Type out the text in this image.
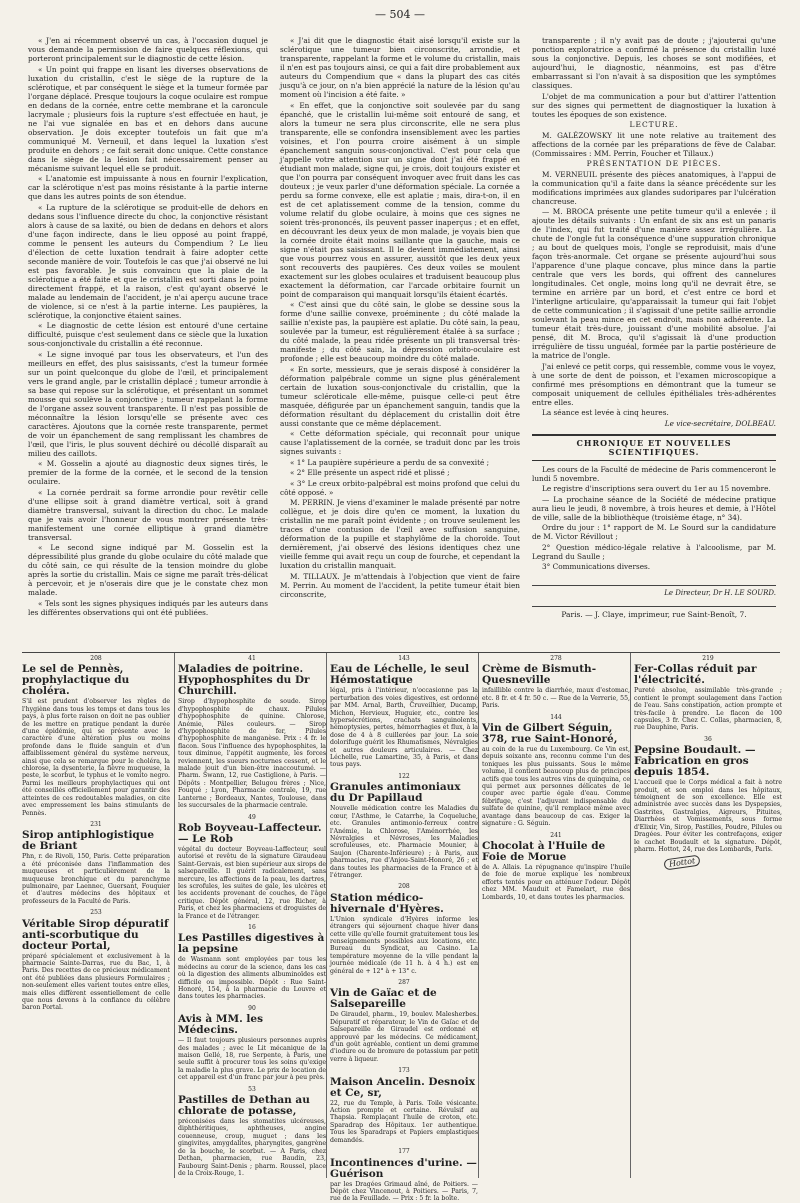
— 504 —

« J'en ai récemment observé un cas, à l'occasion duquel je vous demande la permission de faire quelques réflexions, qui porteront principalement sur le diagnostic de cette lésion.

« Un point qui frappe en lisant les diverses observations de luxation du cristallin, c'est le siège de la rupture de la sclérotique, et par conséquent le siège et la tumeur formée par l'organe déplacé. Presque toujours la coque oculaire est rompue en dedans de la cornée, entre cette membrane et la caroncule lacrymale ; plusieurs fois la rupture s'est effectuée en haut, je ne l'ai vue signalée en bas et en dehors dans aucune observation. Je dois excepter toutefois un fait que m'a communiqué M. Verneuil, et dans lequel la luxation s'est produite en dehors ; ce fait serait donc unique. Cette constance dans le siège de la lésion fait nécessairement penser au mécanisme suivant lequel elle se produit.

« L'anatomie est impuissante à nous en fournir l'explication, car la sclérotique n'est pas moins résistante à la partie interne que dans les autres points de son étendue.

« La rupture de la sclérotique se produit-elle de dehors en dedans sous l'influence directe du choc, la conjonctive résistant alors à cause de sa laxité, ou bien de dedans en dehors et alors d'une façon indirecte, dans le lieu opposé au point frappé, comme le pensent les auteurs du Compendium ? Le lieu d'élection de cette luxation tendrait à faire adopter cette seconde manière de voir. Toutefois le cas que j'ai observé ne lui est pas favorable. Je suis convaincu que la plaie de la sclérotique a été faite et que le cristallin est sorti dans le point directement frappé, et la raison, c'est qu'ayant observé le malade au lendemain de l'accident, je n'ai aperçu aucune trace de violence, si ce n'est à la partie interne. Les paupières, la sclérotique, la conjonctive étaient saines.

« Le diagnostic de cette lésion est entouré d'une certaine difficulté, puisque c'est seulement dans ce siècle que la luxation sous-conjonctivale du cristallin a été reconnue.

« Le signe invoqué par tous les observateurs, et l'un des meilleurs en effet, des plus saisissants, c'est la tumeur formée sur un point quelconque du globe de l'œil, et principalement vers le grand angle, par le cristallin déplacé ; tumeur arrondie à sa base qui repose sur la sclérotique, et présentant un sommet mousse qui soulève la conjonctive ; tumeur rappelant la forme de l'organe assez souvent transparente. Il n'est pas possible de méconnaître la lésion lorsqu'elle se présente avec ces caractères. Ajoutons que la cornée reste transparente, permet de voir un épanchement de sang remplissant les chambres de l'œil, que l'iris, le plus souvent déchiré ou décollé disparaît au milieu des caillots.

« M. Gosselin a ajouté au diagnostic deux signes tirés, le premier de la forme de la cornée, et le second de la tension oculaire.

« La cornée perdrait sa forme arrondie pour revêtir celle d'une ellipse soit à grand diamètre vertical, soit à grand diamètre transversal, suivant la direction du choc. Le malade que je vais avoir l'honneur de vous montrer présente très-manifestement une cornée elliptique à grand diamètre transversal.

« Le second signe indiqué par M. Gosselin est la dépressibilité plus grande du globe oculaire du côté malade que du côté sain, ce qui résulte de la tension moindre du globe après la sortie du cristallin. Mais ce signe me paraît très-délicat à percevoir, et je n'oserais dire que je le constate chez mon malade.

« Tels sont les signes physiques indiqués par les auteurs dans les différentes observations qui ont été publiées.

« J'ai dit que le diagnostic était aisé lorsqu'il existe sur la sclérotique une tumeur bien circonscrite, arrondie, et transparente, rappelant la forme et le volume du cristallin, mais il n'en est pas toujours ainsi, ce qui a fait dire probablement aux auteurs du Compendium que « dans la plupart des cas cités jusqu'à ce jour, on n'a bien apprécié la nature de la lésion qu'au moment où l'incision a été faite. »

« En effet, que la conjonctive soit soulevée par du sang épanché, que le cristallin lui-même soit entouré de sang, et alors la tumeur ne sera plus circonscrite, elle ne sera plus transparente, elle se confondra insensiblement avec les parties voisines, et l'on pourra croire aisément à un simple épanchement sanguin sous-conjonctival. C'est pour cela que j'appelle votre attention sur un signe dont j'ai été frappé en étudiant mon malade, signe qui, je crois, doit toujours exister et que l'on pourra par conséquent invoquer avec fruit dans les cas douteux ; je veux parler d'une déformation spéciale. La cornée a perdu sa forme convexe, elle est aplatie ; mais, dira-t-on, il en est de cet aplatissement comme de la tension, comme du volume relatif du globe oculaire, à moins que ces signes ne soient très-prononcés, ils peuvent passer inaperçus ; et en effet, en découvrant les deux yeux de mon malade, je voyais bien que la cornée droite était moins saillante que la gauche, mais ce signe n'était pas saisissant. Il le devient immédiatement, ainsi que vous pourrez vous en assurer, aussitôt que les deux yeux sont recouverts des paupières. Ces deux voiles se moulent exactement sur les globes oculaires et traduisent beaucoup plus exactement la déformation, car l'arcade orbitaire fournit un point de comparaison qui manquait lorsqu'ils étaient écartés.

« C'est ainsi que du côté sain, le globe se dessine sous la forme d'une saillie convexe, proéminente ; du côté malade la saillie n'existe pas, la paupière est aplatie. Du côté sain, la peau, soulevée par la tumeur, est régulièrement étalée à sa surface ; du côté malade, la peau ridée présente un pli transversal très-manifeste ; du côté sain, la dépression orbito-oculaire est profonde ; elle est beaucoup moindre du côté malade.

« En sorte, messieurs, que je serais disposé à considérer la déformation palpébrale comme un signe plus généralement certain de luxation sous-conjonctivale du cristallin, que la tumeur scléroticale elle-même, puisque celle-ci peut être masquée, défigurée par un épanchement sanguin, tandis que la déformation résultant du déplacement du cristallin doit être aussi constante que ce même déplacement.

« Cette déformation spéciale, qui reconnaît pour unique cause l'aplatissement de la cornée, se traduit donc par les trois signes suivants :

« 1° La paupière supérieure a perdu de sa convexité ;

« 2° Elle présente un aspect ridé et plissé ;

« 3° Le creux orbito-palpébral est moins profond que celui du côté opposé. »

M. PERRIN. Je viens d'examiner le malade présenté par notre collègue, et je dois dire qu'en ce moment, la luxation du cristallin ne me paraît point évidente ; on trouve seulement les traces d'une contusion de l'œil avec suffusion sanguine, déformation de la pupille et staphylôme de la choroïde. Tout dernièrement, j'ai observé des lésions identiques chez une vieille femme qui avait reçu un coup de fourche, et cependant la luxation du cristallin manquait.

M. TILLAUX. Je m'attendais à l'objection que vient de faire M. Perrin. Au moment de l'accident, la petite tumeur était bien circonscrite,

transparente ; il n'y avait pas de doute ; j'ajouterai qu'une ponction exploratrice a confirmé la présence du cristallin luxé sous la conjonctive. Depuis, les choses se sont modifiées, et aujourd'hui, le diagnostic, néanmoins, est pas d'être embarrassant si l'on n'avait à sa disposition que les symptômes classiques.

L'objet de ma communication a pour but d'attirer l'attention sur des signes qui permettent de diagnostiquer la luxation à toutes les époques de son existence.

LECTURE.

M. GALÉZOWSKY lit une note relative au traitement des affections de la cornée par les préparations de fève de Calabar. (Commissaires : MM. Perrin, Foucher et Tillaux.)

PRÉSENTATION DE PIÈCES.

M. VERNEUIL présente des pièces anatomiques, à l'appui de la communication qu'il a faite dans la séance précédente sur les modifications imprimées aux glandes sudoripares par l'ulcération chancreuse.

— M. BROCA présente une petite tumeur qu'il a enlevée ; il ajoute les détails suivants : Un enfant de six ans est un panaris de l'index, qui fut traité d'une manière assez irrégulière. La chute de l'ongle fut la conséquence d'une suppuration chronique ; au bout de quelques mois, l'ongle se reproduisit, mais d'une façon très-anormale. Cet organe se présente aujourd'hui sous l'apparence d'une plaque concave, plus mince dans la partie centrale que vers les bords, qui offrent des cannelures longitudinales. Cet ongle, moins long qu'il ne devrait être, se termine en arrière par un bord, et c'est entre ce bord et l'interligne articulaire, qu'apparaissait la tumeur qui fait l'objet de cette communication ; il s'agissait d'une petite saillie arrondie soulevant la peau mince en cet endroit, mais non adhérente. La tumeur était très-dure, jouissant d'une mobilité absolue. J'ai pensé, dit M. Broca, qu'il s'agissait là d'une production irrégulière de tissu unguéal, formée par la partie postérieure de la matrice de l'ongle.

J'ai enlevé ce petit corps, qui ressemble, comme vous le voyez, à une sorte de dent de poisson, et l'examen microscopique a confirmé mes présomptions en démontrant que la tumeur se composait uniquement de cellules épithéliales très-adhérentes entre elles.

La séance est levée à cinq heures.

Le vice-secrétaire, DOLBEAU.

CHRONIQUE ET NOUVELLES SCIENTIFIQUES.

Les cours de la Faculté de médecine de Paris commenceront le lundi 5 novembre.

Le registre d'inscriptions sera ouvert du 1er au 15 novembre.

— La prochaine séance de la Société de médecine pratique aura lieu le jeudi, 8 novembre, à trois heures et demie, à l'Hôtel de ville, salle de la bibliothèque (troisième étage, n° 34).

Ordre du jour : 1° rapport de M. Le Sourd sur la candidature de M. Victor Révillout ;

2° Question médico-légale relative à l'alcoolisme, par M. Legrand du Saulle ;

3° Communications diverses.

Le Directeur, Dr H. LE SOURD.
Paris. — J. Claye, imprimeur, rue Saint-Benoît, 7.
208
Le sel de Pennès, prophylactique du choléra.

S'il est prudent d'observer les règles de l'hygiène dans tous les temps et dans tous les pays, à plus forte raison on doit ne pas oublier de les mettre en pratique pendant la durée d'une épidémie, qui se présente avec le caractère d'une altération plus ou moins profonde dans le fluide sanguin et d'un affaiblissement général du système nerveux, ainsi que cela se remarque pour le choléra, la chlorose, la dysenterie, la fièvre muqueuse, la peste, le scorbut, le typhus et le vomito negro. Parmi les meilleurs prophylactiques qui ont été conseillés officiellement pour garantir des atteintes de ces redoutables maladies, on cite avec empressement les bains stimulants de Pennès.

231
Sirop antiphlogistique de Briant

Phn, r. de Rivoli, 150, Paris. Cette préparation a été préconisée dans l'inflammation des muqueuses et particulièrement de la muqueuse bronchique et du parenchyme pulmonaire, par Laennec, Guersant, Fouquier et d'autres médecins des hôpitaux et professeurs de la Faculté de Paris.

253
Véritable Sirop dépuratif anti-scorbutique du docteur Portal,

préparé spécialement et exclusivement à la pharmacie Sainte-Darras, rue du Bac, 1, à Paris. Des recettes de ce précieux médicament ont été publiées dans plusieurs Formulaires ; non-seulement elles varient toutes entre elles, mais elles diffèrent essentiellement de celle que nous devons à la confiance du célèbre baron Portal.

41
Maladies de poitrine. Hypophosphites du Dr Churchill.

Sirop d'hypophosphite de soude. Sirop d'hypophosphite de chaux. Pilules d'hypophosphite de quinine. Chlorose, Anémie, Pâles couleurs. — Sirop d'hypophosphite de fer, Pilules d'hypophosphite de manganèse. Prix : 4 fr. le flacon. Sous l'influence des hypophosphites, la toux diminue, l'appétit augmente, les forces reviennent, les sueurs nocturnes cessent, et le malade jouit d'un bien-être inaccoutumé. — Pharm. Swann, 12, rue Castiglione, à Paris. — Dépôts : Montpellier, Belugou frères ; Nice, Fouqué ; Lyon, Pharmacie centrale, 19, rue Lanterne ; Bordeaux, Nantes, Toulouse, dans les succursales de la pharmacie centrale.

49
Rob Boyveau-Laffecteur. — Le Rob

végétal du docteur Boyveau-Laffecteur, seul autorisé et revêtu de la signature Giraudeau Saint-Gervais, est bien supérieur aux sirops de salsepareille. Il guérit radicalement, sans mercure, les affections de la peau, les dartres, les scrofules, les suites de gale, les ulcères et les accidents provenant de couches, de l'âge critique. Dépôt général, 12, rue Richer, à Paris, et chez les pharmaciens et droguistes de la France et de l'étranger.

16
Les Pastilles digestives à la pepsine

de Wasmann sont employées par tous les médecins au cœur de la science, dans les cas où la digestion des aliments albuminoïdes est difficile ou impossible. Dépôt : Rue Saint-Honoré, 154, à la pharmacie du Louvre et dans toutes les pharmacies.

90
Avis à MM. les Médecins.

— Il faut toujours plusieurs personnes auprès des malades ; avec le Lit mécanique de la maison Gellé, 18, rue Serpente, à Paris, une seule suffit à procurer tous les soins qu'exige la maladie la plus grave. Le prix de location de cet appareil est d'un franc par jour à peu près.

53
Pastilles de Dethan au chlorate de potasse,

préconisées dans les stomatites ulcéreuses, diphthéritiques, aphtheuses, angine couenneuse, croup, muguet ; dans les gingivites, amygdalites, pharyngites, gangrène de la bouche, le scorbut. — A Paris, chez Dethan, pharmacien, rue Baudin, 23, Faubourg Saint-Denis ; pharm. Roussel, place de la Croix-Rouge, 1.

143
Eau de Léchelle, le seul Hémostatique

légal, pris à l'intérieur, n'occasionne pas la perturbation des voies digestives, est ordonné par MM. Arnal, Barth, Cruveilhier, Ducamp, Michon, Hervieux, Huguier, etc., contre les hypersécrétions, crachats sanguinolents, hémoptysies, pertes, hémorrhagies et flux, à la dose de 4 à 8 cuillerées par jour. La soie dolorifuge guérit les Rhumatismes, Névralgies et autres douleurs articulaires. — Chez Léchelle, rue Lamartine, 35, à Paris, et dans tous pays.

122
Granules antimoniaux du Dr Papillaud

Nouvelle médication contre les Maladies du cœur, l'Asthme, le Catarrhe, la Coqueluche, etc. Granules antimonio-ferreux contre l'Anémie, la Chlorose, l'Aménorrhée, les Névralgies et Névroses, les Maladies scrofuleuses, etc. Pharmacie Mounier, à Saujon (Charente-Inférieure) ; à Paris, aux pharmacies, rue d'Anjou-Saint-Honoré, 26 ; et dans toutes les pharmacies de la France et à l'étranger.

208
Station médico-hivernale d'Hyères.

L'Union syndicale d'Hyères informe les étrangers qui séjournent chaque hiver dans cette ville qu'elle fournit gratuitement tous les renseignements possibles aux locations, etc. Bureau du Syndicat, au Casino. La température moyenne de la ville pendant la journée médicale (de 11 h. à 4 h.) est en général de + 12° à + 13° c.

287
Vin de Gaïac et de Salsepareille

De Giraudel, pharm., 19, boulev. Malesherbes. Dépuratif et réparateur, le Vin de Gaïac et de Salsepareille de Giraudel est ordonné et approuvé par les médecins. Ce médicament, d'un goût agréable, contient un demi gramme d'iodure ou de bromure de potassium par petit verre à liqueur.

173
Maison Ancelin. Desnoix et Ce, sr,

22, rue du Temple, à Paris. Toile vésicante. Action prompte et certaine. Révulsif au Thapsia. Remplaçant l'huile de croton, etc. Sparadrap des Hôpitaux. 1er authentique. Tous les Sparadraps et Papiers emplastiques demandés.

177
Incontinences d'urine. — Guérison

par les Dragées Grimaud aîné, de Poitiers. — Dépôt chez Vincenout, à Poitiers. — Paris, 7, rue de la Feuillade. — Prix : 5 fr. la boîte.

278
Crème de Bismuth-Quesneville

infaillible contre la diarrhée, maux d'estomac, etc. 8 fr. et 4 fr. 50 c. — Rue de la Verrerie, 55, Paris.

144
Vin de Gilbert Séguin, 378, rue Saint-Honoré,

au coin de la rue du Luxembourg. Ce Vin est, depuis soixante ans, reconnu comme l'un des toniques les plus puissants. Sous le même volume, il contient beaucoup plus de principes actifs que tous les autres vins de quinquina, ce qui permet aux personnes délicates de le couper avec partie égale d'eau. Comme fébrifuge, c'est l'adjuvant indispensable du sulfate de quinine, qu'il remplace même avec avantage dans beaucoup de cas. Exiger la signature : G. Séguin.

241
Chocolat à l'Huile de Foie de Morue

de A. Allais. La répugnance qu'inspire l'huile de foie de morue explique les nombreux efforts tentés pour en atténuer l'odeur. Dépôt chez MM. Mauduit et Famelart, rue des Lombards, 10, et dans toutes les pharmacies.

219
Fer-Collas réduit par l'électricité.

Pureté absolue, assimilable très-grande ; contient le prompt soulagement dans l'action de l'eau. Sans constipation, action prompte et très-facile à prendre. Le flacon de 100 capsules, 3 fr. Chez C. Collas, pharmacien, 8, rue Dauphine, Paris.

36
Pepsine Boudault. — Fabrication en gros depuis 1854.

L'accueil que le Corps médical a fait à notre produit, et son emploi dans les hôpitaux, témoignent de son excellence. Elle est administrée avec succès dans les Dyspepsies, Gastrites, Gastralgies, Aigreurs, Pituites, Diarrhées et Vomissements, sous forme d'Elixir, Vin, Sirop, Pastilles, Poudre, Pilules ou Dragées. Pour éviter les contrefaçons, exiger le cachet Boudault et la signature. Dépôt, pharm. Hottot, 24, rue des Lombards, Paris.

Hottot
